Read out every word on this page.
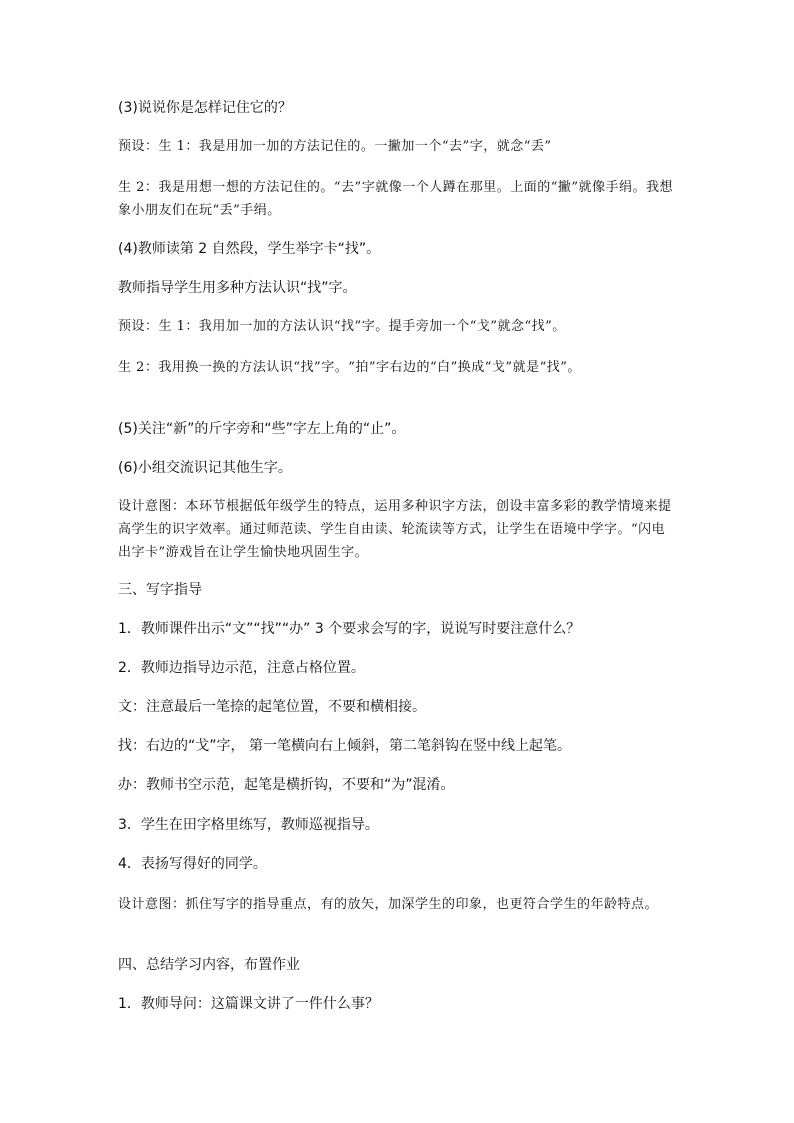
(3)说说你是怎样记住它的？
预设：生 1：我是用加一加的方法记住的。一撇加一个“去”字，就念“丢”
生 2：我是用想一想的方法记住的。“去”字就像一个人蹲在那里。上面的“撇”就像手绢。我想象小朋友们在玩“丢”手绢。
(4)教师读第 2 自然段，学生举字卡“找”。
教师指导学生用多种方法认识“找”字。
预设：生 1：我用加一加的方法认识“找”字。提手旁加一个“戈”就念“找”。
生 2：我用换一换的方法认识“找”字。“拍”字右边的“白”换成“戈”就是“找”。
(5)关注“新”的斤字旁和“些”字左上角的“止”。
(6)小组交流识记其他生字。
设计意图：本环节根据低年级学生的特点，运用多种识字方法，创设丰富多彩的教学情境来提高学生的识字效率。通过师范读、学生自由读、轮流读等方式，让学生在语境中学字。“闪电出字卡”游戏旨在让学生愉快地巩固生字。
三、写字指导
1．教师课件出示“文”“找”“办” 3 个要求会写的字，说说写时要注意什么？
2．教师边指导边示范，注意占格位置。
文：注意最后一笔捺的起笔位置，不要和横相接。
找：右边的“戈”字， 第一笔横向右上倾斜，第二笔斜钩在竖中线上起笔。
办：教师书空示范，起笔是横折钩，不要和“为”混淆。
3．学生在田字格里练写，教师巡视指导。
4．表扬写得好的同学。
设计意图：抓住写字的指导重点，有的放矢，加深学生的印象，也更符合学生的年龄特点。
四、总结学习内容，布置作业
1．教师导问：这篇课文讲了一件什么事？
